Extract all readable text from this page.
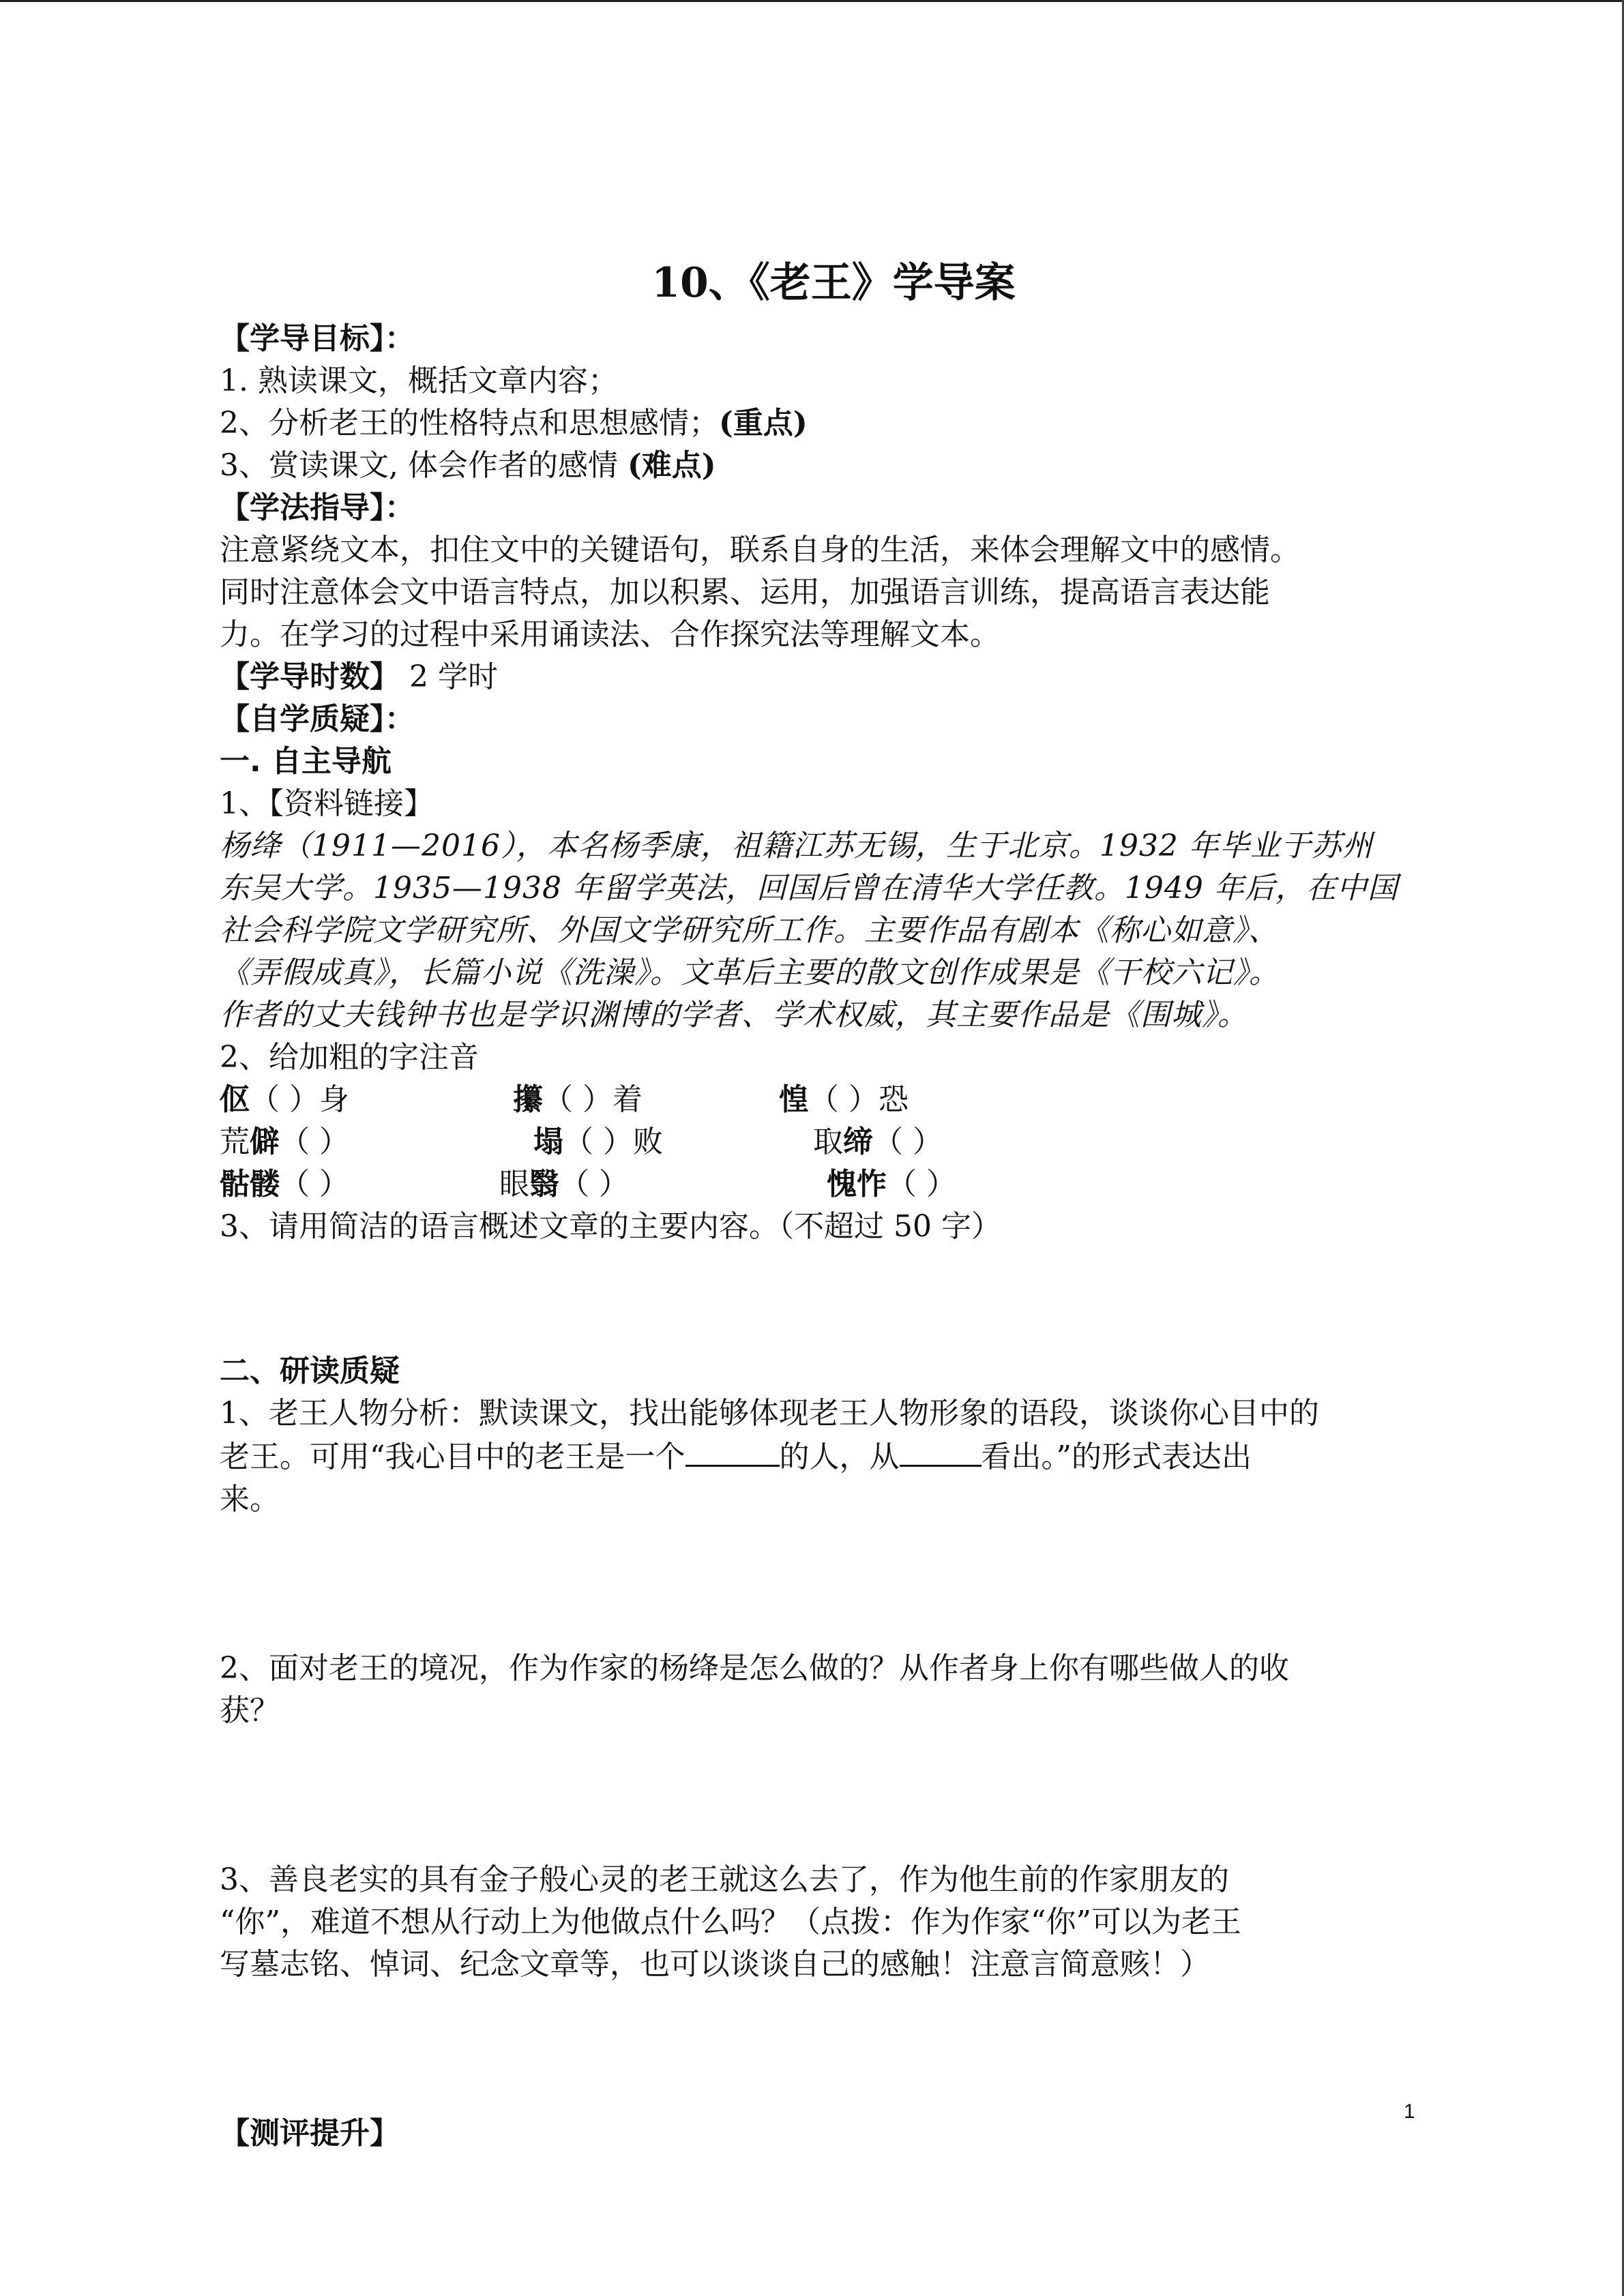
10、《老王》学导案

【学导目标】：

1. 熟读课文，概括文章内容；

2、分析老王的性格特点和思想感情；(重点)

3、赏读课文, 体会作者的感情 (难点)

【学法指导】：

注意紧绕文本，扣住文中的关键语句，联系自身的生活，来体会理解文中的感情。

同时注意体会文中语言特点，加以积累、运用，加强语言训练，提高语言表达能

力。在学习的过程中采用诵读法、合作探究法等理解文本。

【学导时数】 2 学时

【自学质疑】：

一. 自主导航

1、【资料链接】

杨绛（1911—2016），本名杨季康，祖籍江苏无锡，生于北京。1932 年毕业于苏州

东吴大学。1935—1938 年留学英法，回国后曾在清华大学任教。1949 年后，在中国

社会科学院文学研究所、外国文学研究所工作。主要作品有剧本《称心如意》、

《弄假成真》，长篇小说《洗澡》。文革后主要的散文创作成果是《干校六记》。

作者的丈夫钱钟书也是学识渊博的学者、学术权威，其主要作品是《围城》。

2、给加粗的字注音

伛（ ）身	攥（ ）着	惶（ ）恐
荒僻（ ）	塌（ ）败	取缔（ ）
骷髅（ ）	眼翳（ ）	愧怍（ ）

3、请用简洁的语言概述文章的主要内容。（不超过 50 字）

二、研读质疑

1、老王人物分析：默读课文，找出能够体现老王人物形象的语段，谈谈你心目中的

老王。可用“我心目中的老王是一个	的人，从	看出。”的形式表达出

来。

2、面对老王的境况，作为作家的杨绛是怎么做的？从作者身上你有哪些做人的收

获？

3、善良老实的具有金子般心灵的老王就这么去了，作为他生前的作家朋友的

“你”，难道不想从行动上为他做点什么吗？（点拨：作为作家“你”可以为老王

写墓志铭、悼词、纪念文章等，也可以谈谈自己的感触！注意言简意赅！）

【测评提升】

1
